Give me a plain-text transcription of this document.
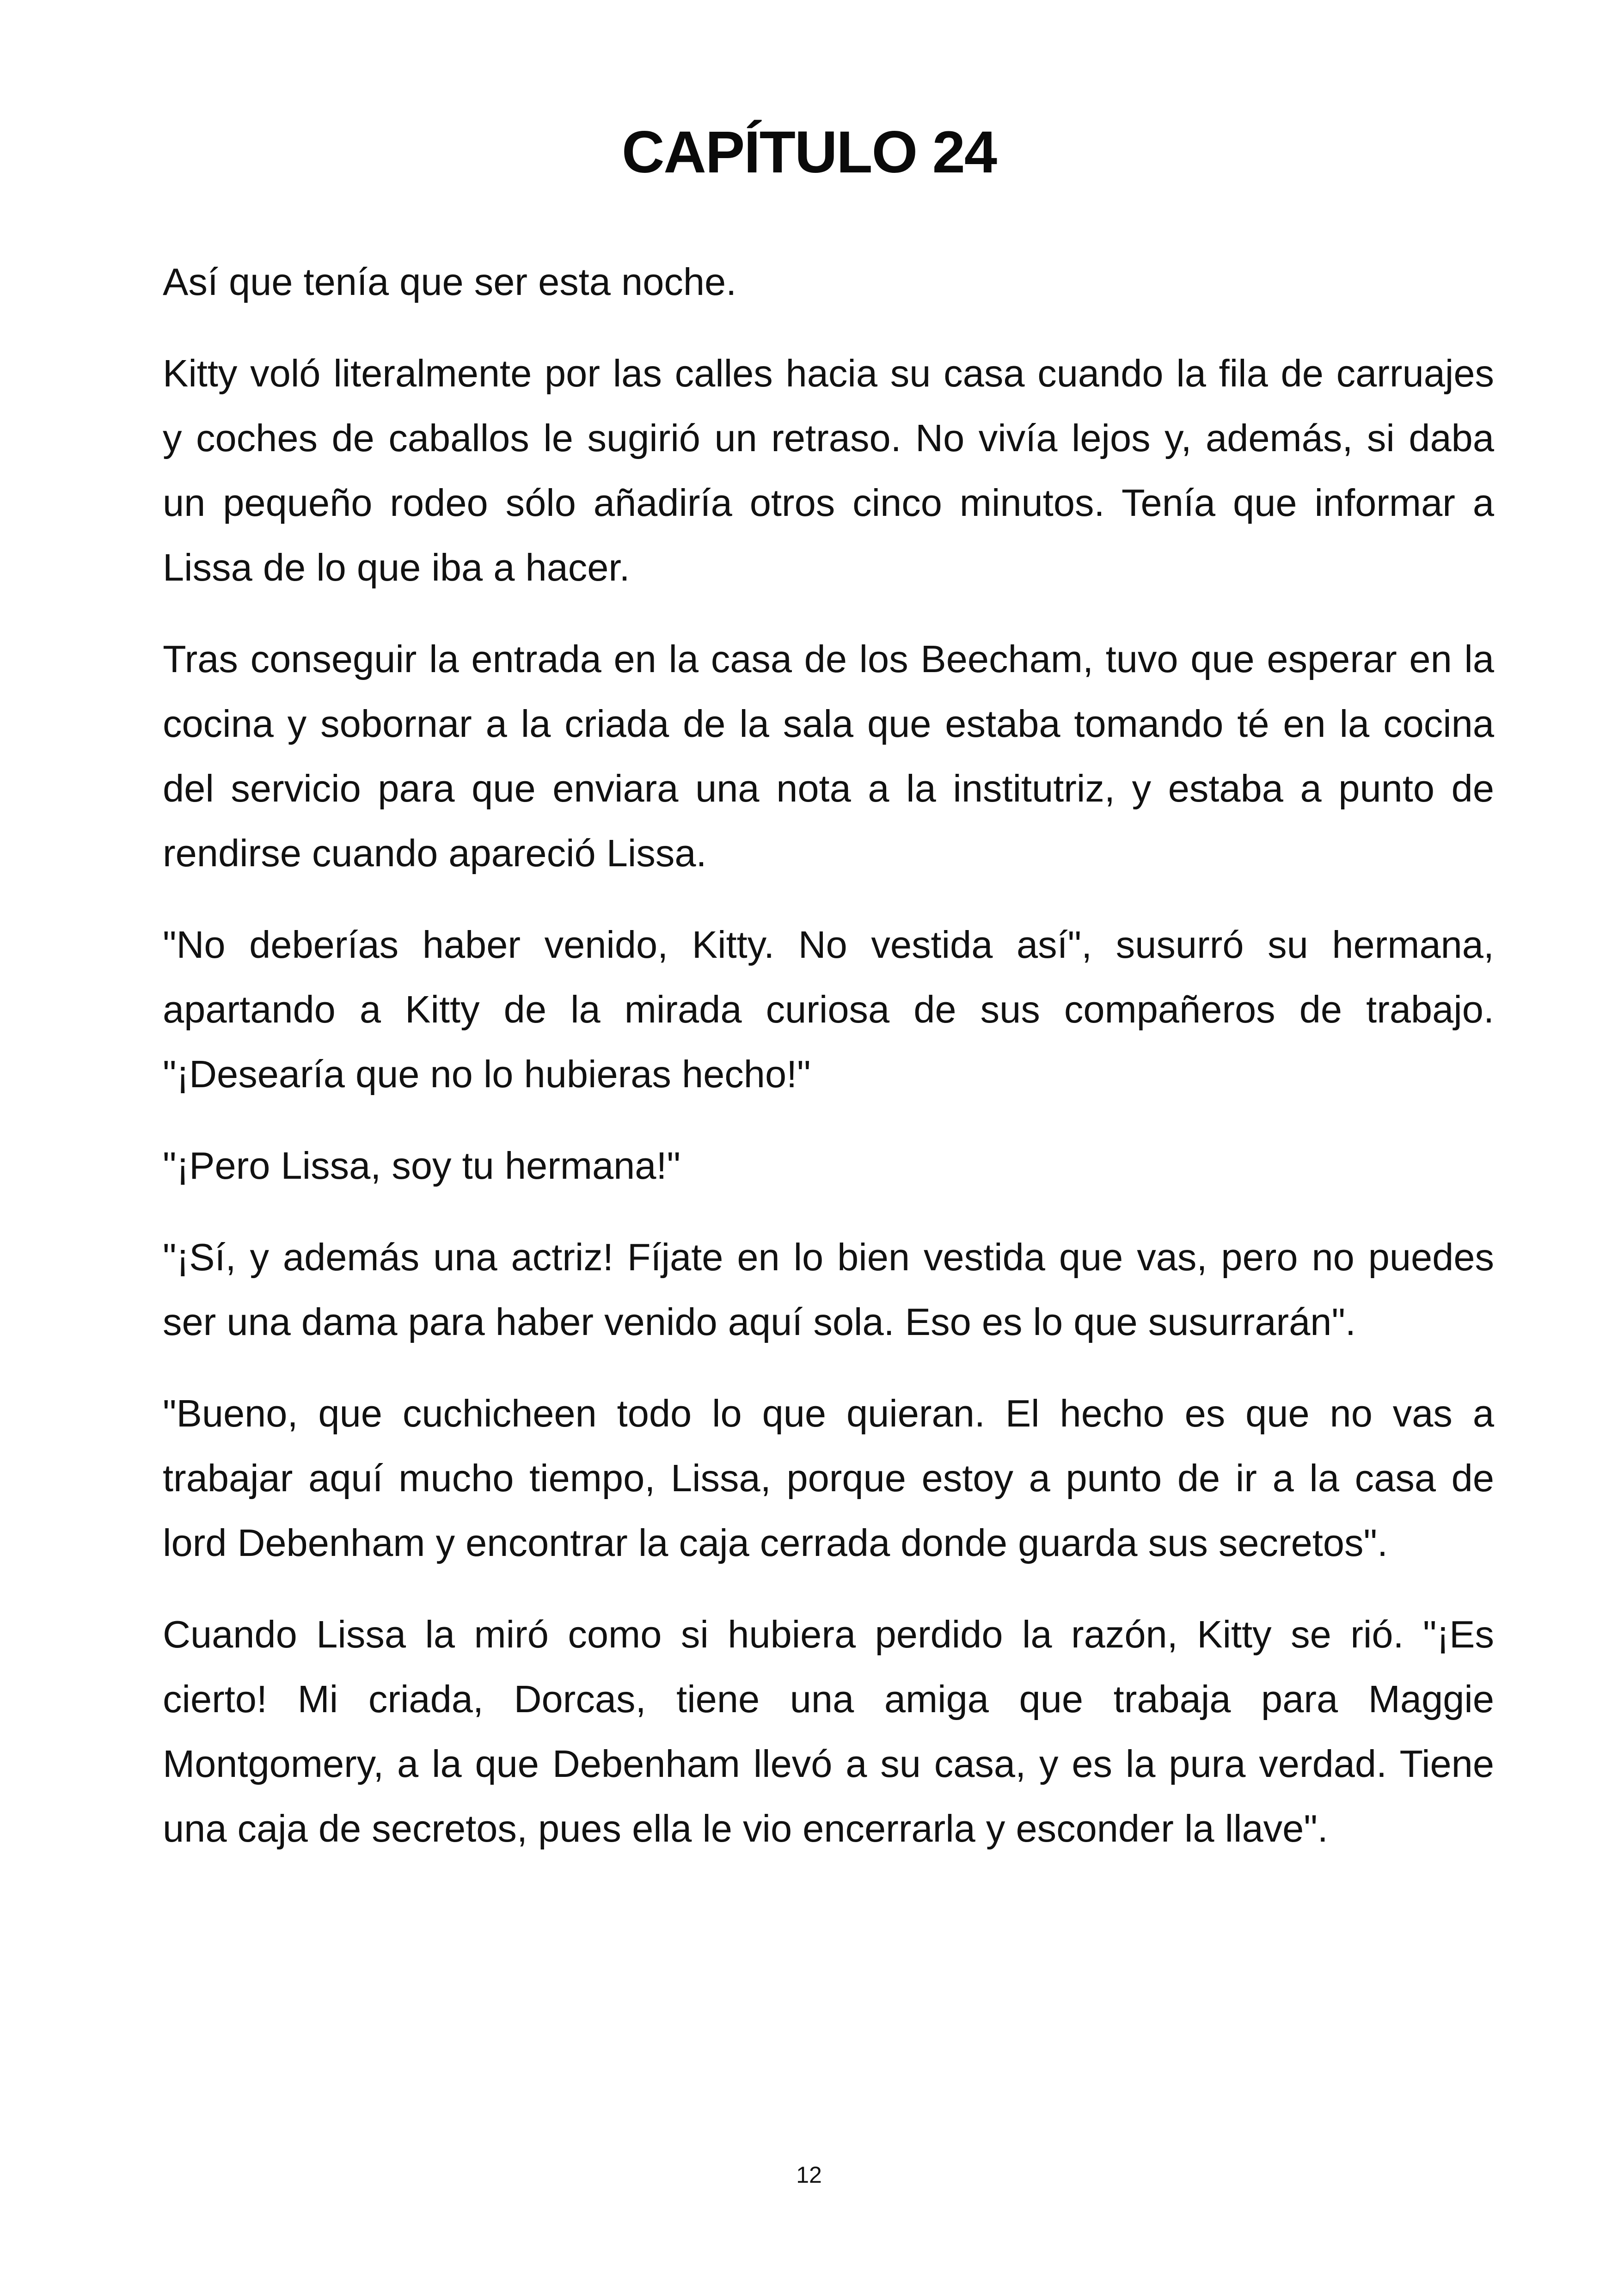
CAPÍTULO 24

Así que tenía que ser esta noche.

Kitty voló literalmente por las calles hacia su casa cuando la fila de carruajes y coches de caballos le sugirió un retraso. No vivía lejos y, además, si daba un pequeño rodeo sólo añadiría otros cinco minutos. Tenía que informar a Lissa de lo que iba a hacer.

Tras conseguir la entrada en la casa de los Beecham, tuvo que esperar en la cocina y sobornar a la criada de la sala que estaba tomando té en la cocina del servicio para que enviara una nota a la institutriz, y estaba a punto de rendirse cuando apareció Lissa.

"No deberías haber venido, Kitty. No vestida así", susurró su hermana, apartando a Kitty de la mirada curiosa de sus compañeros de trabajo. "¡Desearía que no lo hubieras hecho!"

"¡Pero Lissa, soy tu hermana!"

"¡Sí, y además una actriz! Fíjate en lo bien vestida que vas, pero no puedes ser una dama para haber venido aquí sola. Eso es lo que susurrarán".

"Bueno, que cuchicheen todo lo que quieran. El hecho es que no vas a trabajar aquí mucho tiempo, Lissa, porque estoy a punto de ir a la casa de lord Debenham y encontrar la caja cerrada donde guarda sus secretos".

Cuando Lissa la miró como si hubiera perdido la razón, Kitty se rió. "¡Es cierto! Mi criada, Dorcas, tiene una amiga que trabaja para Maggie Montgomery, a la que Debenham llevó a su casa, y es la pura verdad. Tiene una caja de secretos, pues ella le vio encerrarla y esconder la llave".

12
